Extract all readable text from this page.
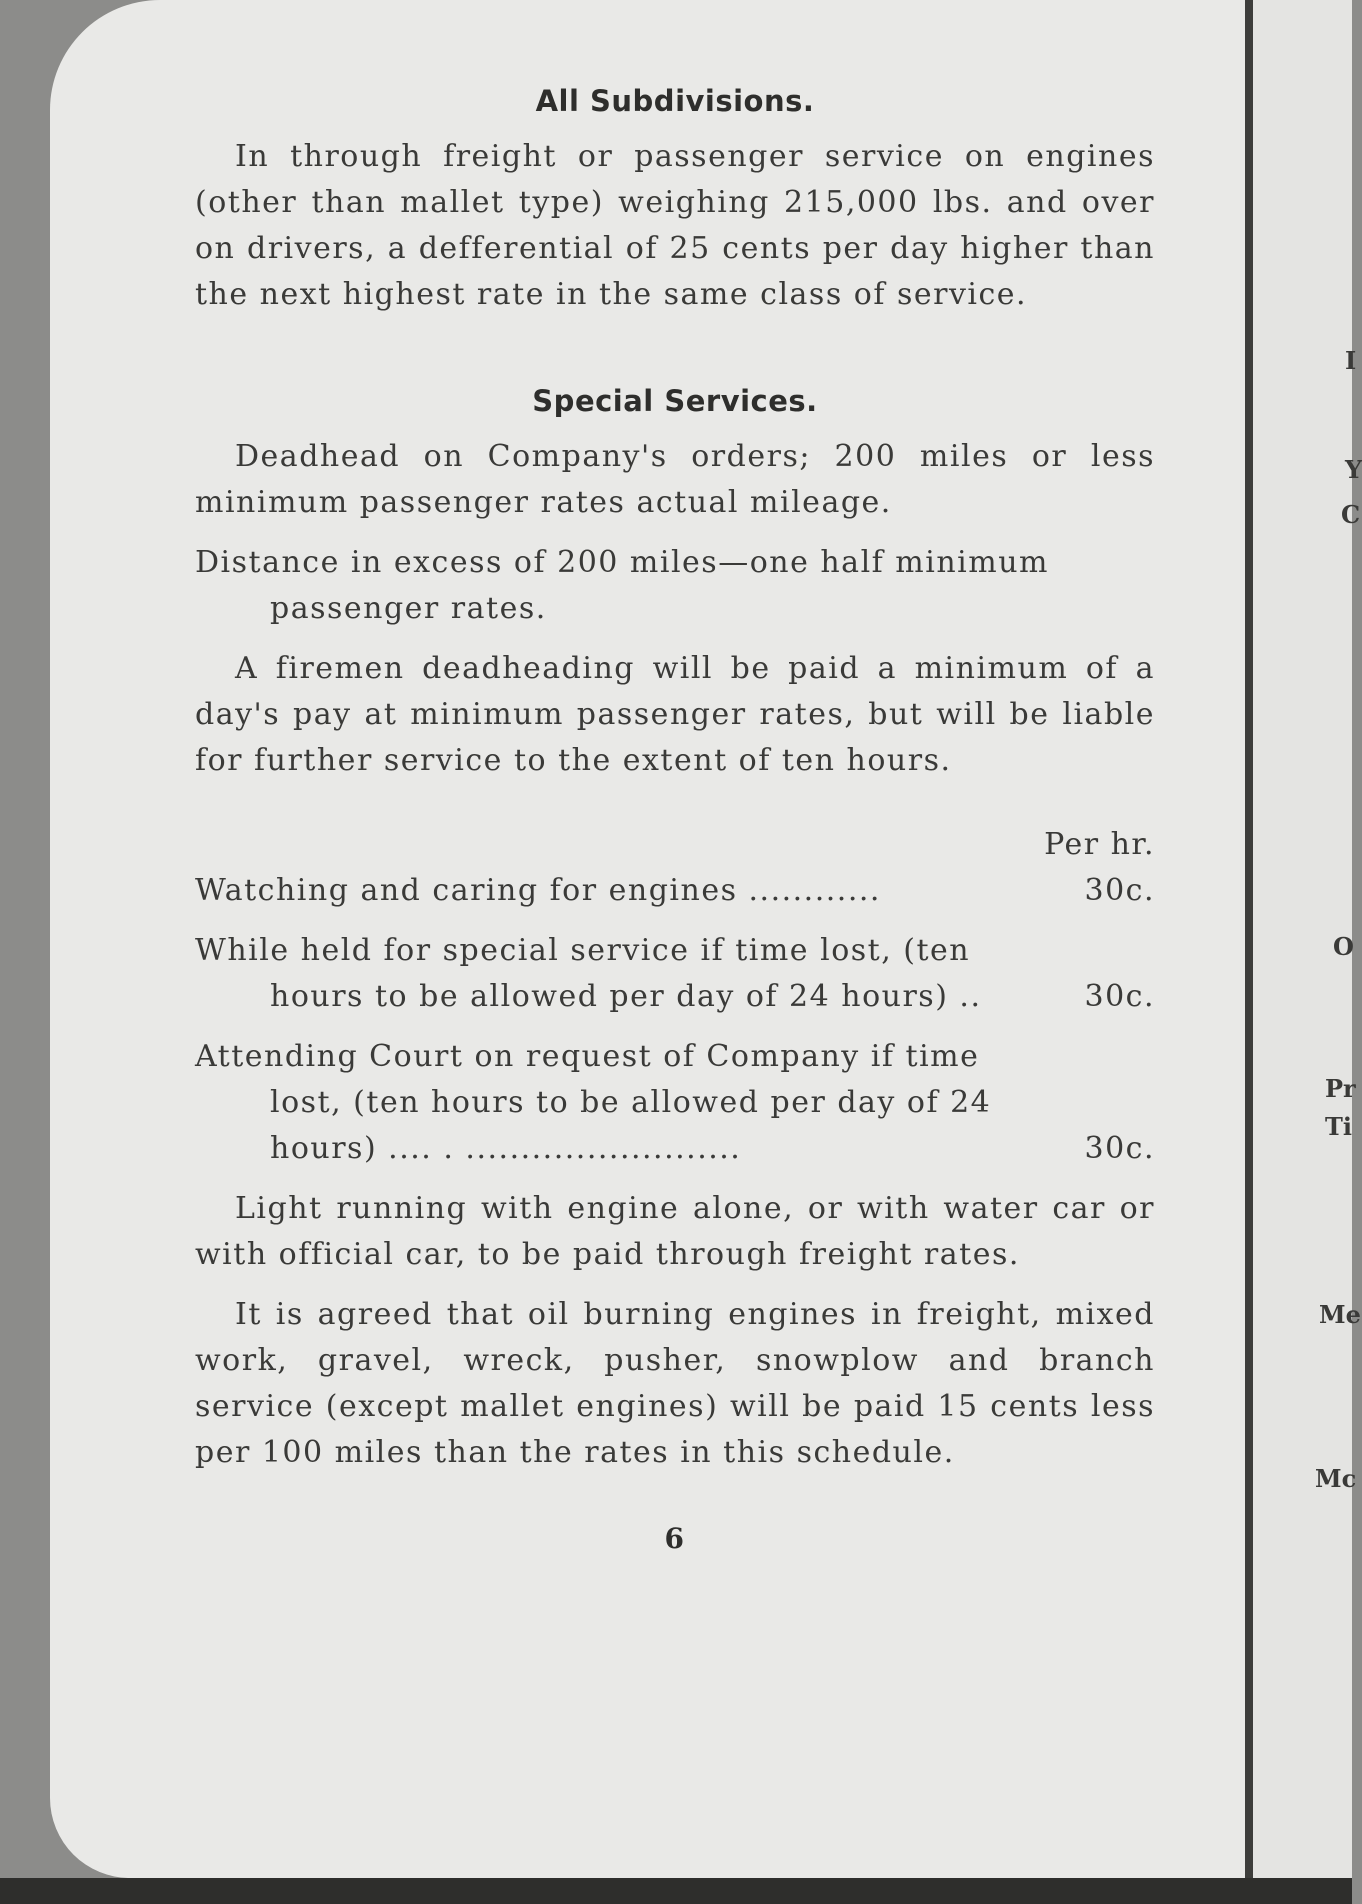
All Subdivisions.

In through freight or passenger service on engines (other than mallet type) weighing 215,000 lbs. and over on drivers, a defferential of 25 cents per day higher than the next highest rate in the same class of service.

Special Services.

Deadhead on Company's orders; 200 miles or less minimum passenger rates actual mileage.

Distance in excess of 200 miles—one half minimum passenger rates.

A firemen deadheading will be paid a minimum of a day's pay at minimum passenger rates, but will be liable for further service to the extent of ten hours.

Per hr.
Watching and caring for engines ............	30c.
While held for special service if time lost, (ten
hours to be allowed per day of 24 hours) ..	30c.
Attending Court on request of Company if time
lost, (ten hours to be allowed per day of 24
hours) .... . .........................	30c.

Light running with engine alone, or with water car or with official car, to be paid through freight rates.

It is agreed that oil burning engines in freight, mixed work, gravel, wreck, pusher, snowplow and branch service (except mallet engines) will be paid 15 cents less per 100 miles than the rates in this schedule.

6
I
Y
C
O
Pr
Ti
Me
Mc
